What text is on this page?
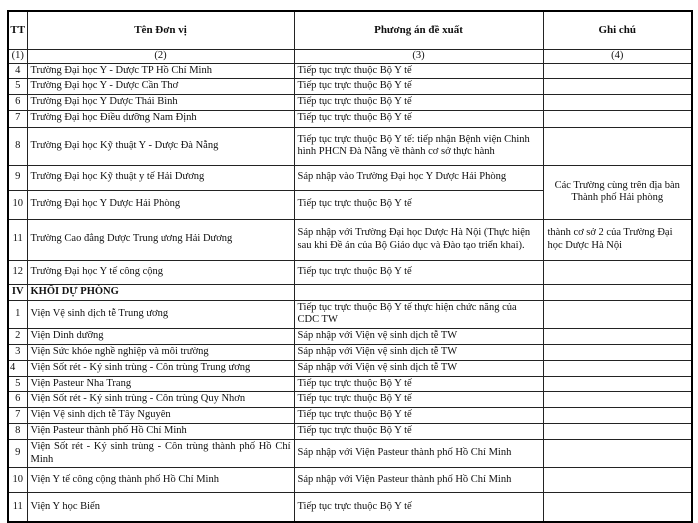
TT	Tên Đơn vị	Phương án đề xuất	Ghi chú
(1)	(2)	(3)	(4)
4	Trường Đại học Y - Dược TP Hồ Chí Minh	Tiếp tục trực thuộc Bộ Y tế	
5	Trường Đại học Y - Dược Cần Thơ	Tiếp tục trực thuộc Bộ Y tế	
6	Trường Đại học Y Dược Thái Bình	Tiếp tục trực thuộc Bộ Y tế	
7	Trường Đại học Điều dưỡng Nam Định	Tiếp tục trực thuộc Bộ Y tế	
8	Trường Đại học Kỹ thuật Y - Dược Đà Nẵng	Tiếp tục trực thuộc Bộ Y tế: tiếp nhận Bệnh viện Chinh hình PHCN Đà Nẵng về thành cơ sở thực hành	
9	Trường Đại học Kỹ thuật y tế Hải Dương	Sáp nhập vào Trường Đại học Y Dược Hải Phòng	Các Trường cùng trên địa bàn Thành phố Hải phòng
10	Trường Đại học Y Dược Hải Phòng	Tiếp tục trực thuộc Bộ Y tế	
11	Trường Cao đẳng Dược Trung ương Hải Dương	Sáp nhập với Trường Đại học Dược Hà Nội (Thực hiện sau khi Đề án của Bộ Giáo dục và Đào tạo triển khai).	thành cơ sở 2 của Trường Đại học Dược Hà Nội
12	Trường Đại học Y tế công cộng	Tiếp tục trực thuộc Bộ Y tế	
IV	KHỐI DỰ PHÒNG		
1	Viện Vệ sinh dịch tễ Trung ương	Tiếp tục trực thuộc Bộ Y tế thực hiện chức năng của CDC TW	
2	Viện Dinh dưỡng	Sáp nhập với Viện vệ sinh dịch tễ TW	
3	Viện Sức khỏe nghề nghiệp và môi trường	Sáp nhập với Viện vệ sinh dịch tễ TW	
4	Viện Sốt rét - Ký sinh trùng - Côn trùng Trung ương	Sáp nhập với Viện vệ sinh dịch tễ TW	
5	Viện Pasteur Nha Trang	Tiếp tục trực thuộc Bộ Y tế	
6	Viện Sốt rét - Ký sinh trùng - Côn trùng Quy Nhơn	Tiếp tục trực thuộc Bộ Y tế	
7	Viện Vệ sinh dịch tễ Tây Nguyên	Tiếp tục trực thuộc Bộ Y tế	
8	Viện Pasteur thành phố Hồ Chí Minh	Tiếp tục trực thuộc Bộ Y tế	
9	Viện Sốt rét - Ký sinh trùng - Côn trùng thành phố Hồ Chí Minh	Sáp nhập với Viện Pasteur thành phố Hồ Chí Minh	
10	Viện Y tế công cộng thành phố Hồ Chí Minh	Sáp nhập với Viện Pasteur thành phố Hồ Chí Minh	
11	Viện Y học Biển	Tiếp tục trực thuộc Bộ Y tế	
